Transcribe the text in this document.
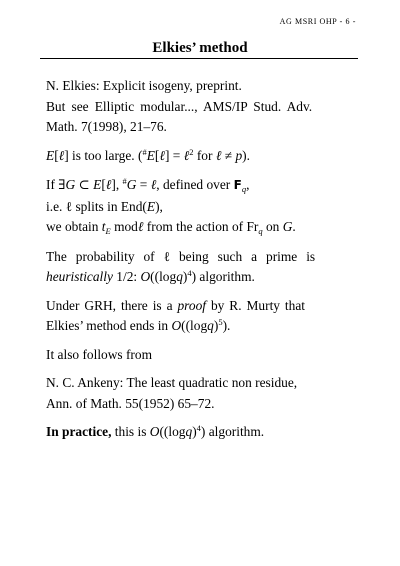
AG MSRI OHP - 6 -
Elkies’ method
N. Elkies: Explicit isogeny, preprint.
But see Elliptic modular..., AMS/IP Stud. Adv.
Math. 7(1998), 21–76.
E[ℓ] is too large. (#E[ℓ] = ℓ$^2$ for ℓ ≠ p).
If ∃G ⊂ E[ℓ], #G = ℓ, defined over $F_q$,
i.e. ℓ splits in End(E),
we obtain $t_E$ modℓ from the action of $Fr_q$ on G.
The probability of ℓ being such a prime is
heuristically 1/2: $O((\log q)^4)$ algorithm.
Under GRH, there is a proof by R. Murty that
Elkies’ method ends in $O((\log q)^5)$.
It also follows from
N. C. Ankeny: The least quadratic non residue,
Ann. of Math. 55(1952) 65–72.
In practice, this is $O((\log q)^4)$ algorithm.
